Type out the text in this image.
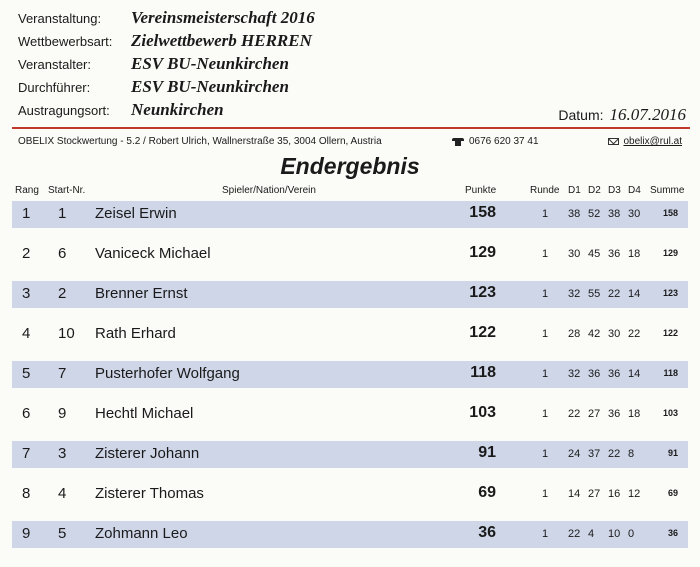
Veranstaltung:	Vereinsmeisterschaft 2016
Wettbewerbsart:	Zielwettbewerb HERREN
Veranstalter:	ESV BU-Neunkirchen
Durchführer:	ESV BU-Neunkirchen
Austragungsort:	Neunkirchen	Datum: 16.07.2016
OBELIX Stockwertung - 5.2 / Robert Ulrich, Wallnerstraße 35, 3004 Ollern, Austria	0676 620 37 41	obelix@rul.at
Endergebnis
Rang Start-Nr.	Spieler/Nation/Verein	Punkte	Runde D1 D2 D3 D4 Summe
1 1 Zeisel Erwin	158	1 38 52 38 30	158
2 6 Vaniceck Michael	129	1 30 45 36 18	129
3 2 Brenner Ernst	123	1 32 55 22 14	123
4 10 Rath Erhard	122	1 28 42 30 22	122
5 7 Pusterhofer Wolfgang	118	1 32 36 36 14	118
6 9 Hechtl Michael	103	1 22 27 36 18	103
7 3 Zisterer Johann	91	1 24 37 22 8	91
8 4 Zisterer Thomas	69	1 14 27 16 12	69
9 5 Zohmann Leo	36	1 22 4 10 0	36
